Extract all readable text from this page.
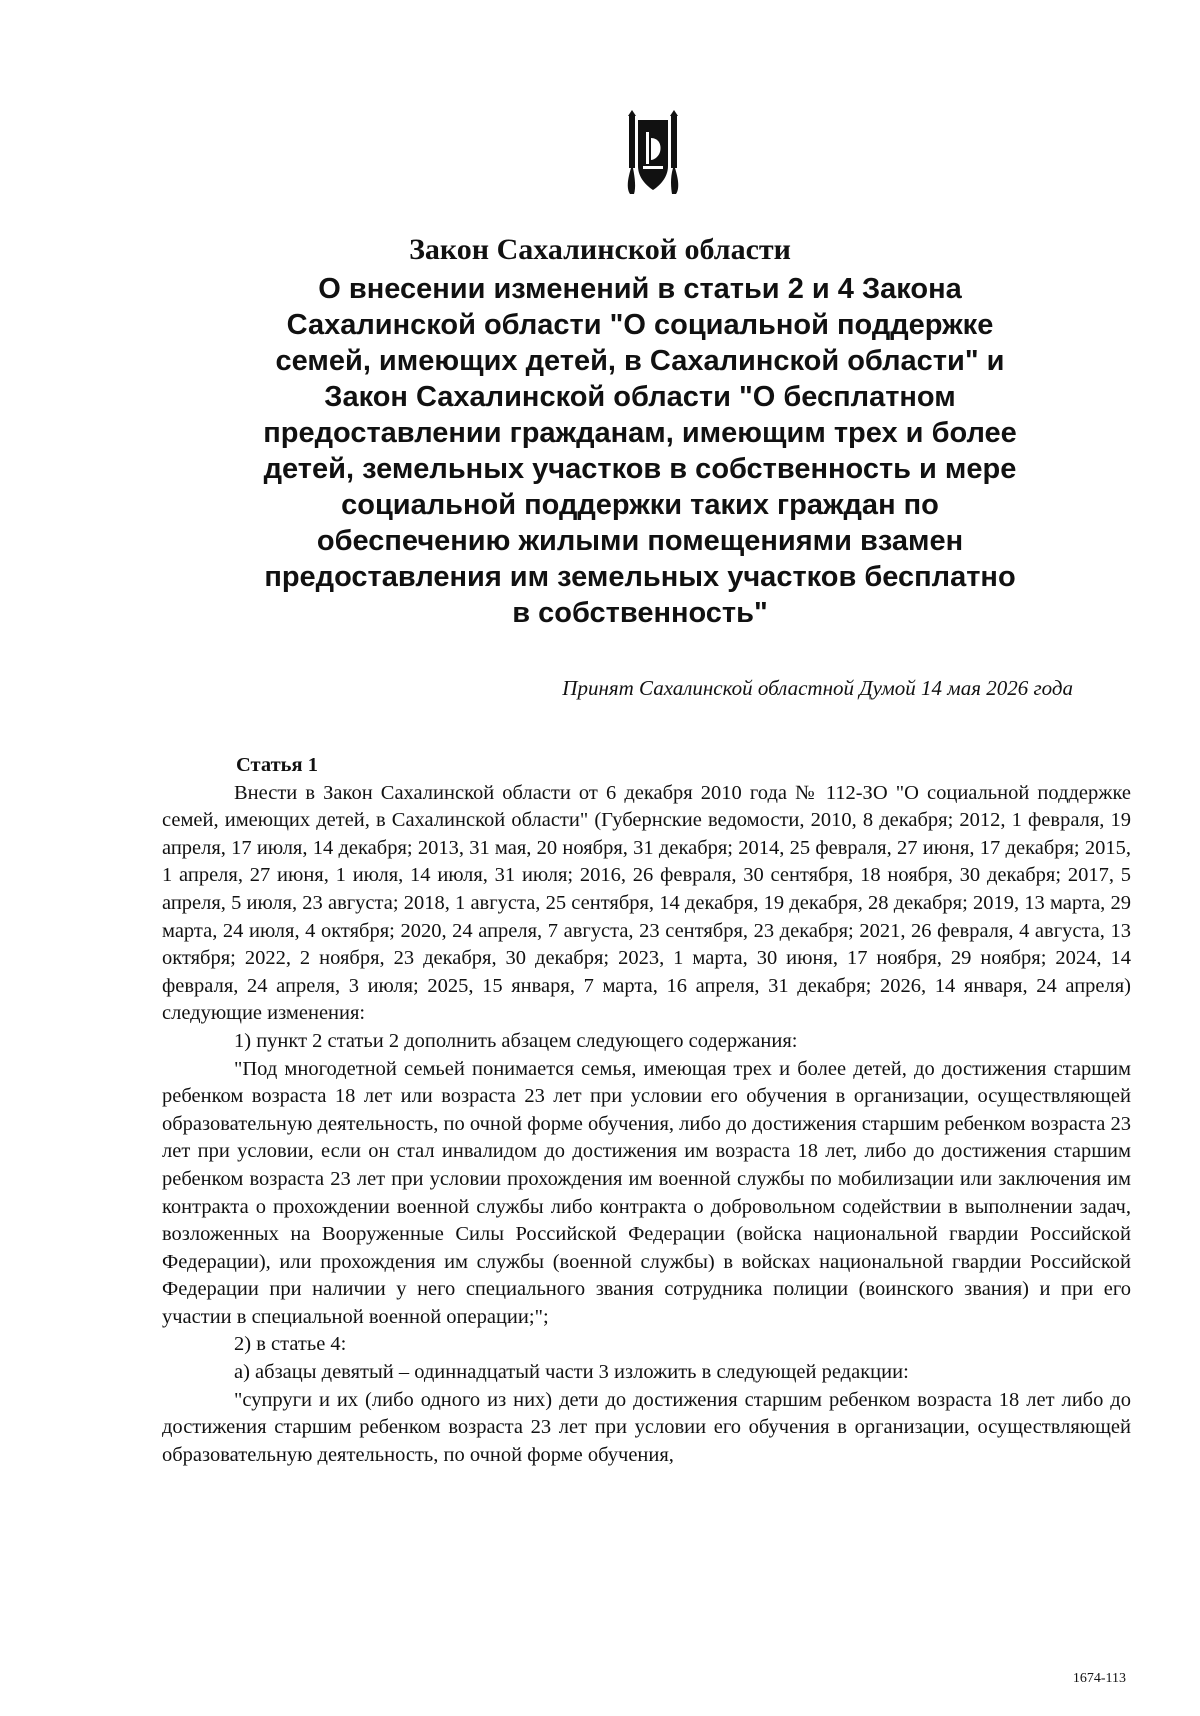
Закон Сахалинской области
О внесении изменений в статьи 2 и 4 Закона
Сахалинской области "О социальной поддержке
семей, имеющих детей, в Сахалинской области" и
Закон Сахалинской области "О бесплатном
предоставлении гражданам, имеющим трех и более
детей, земельных участков в собственность и мере
социальной поддержки таких граждан по
обеспечению жилыми помещениями взамен
предоставления им земельных участков бесплатно
в собственность"
Принят Сахалинской областной Думой 14 мая 2026 года

Статья 1

Внести в Закон Сахалинской области от 6 декабря 2010 года № 112-ЗО "О социальной поддержке семей, имеющих детей, в Сахалинской области" (Губернские ведомости, 2010, 8 декабря; 2012, 1 февраля, 19 апреля, 17 июля, 14 декабря; 2013, 31 мая, 20 ноября, 31 декабря; 2014, 25 февраля, 27 июня, 17 декабря; 2015, 1 апреля, 27 июня, 1 июля, 14 июля, 31 июля; 2016, 26 февраля, 30 сентября, 18 ноября, 30 декабря; 2017, 5 апреля, 5 июля, 23 августа; 2018, 1 августа, 25 сентября, 14 декабря, 19 декабря, 28 декабря; 2019, 13 марта, 29 марта, 24 июля, 4 октября; 2020, 24 апреля, 7 августа, 23 сентября, 23 декабря; 2021, 26 февраля, 4 августа, 13 октября; 2022, 2 ноября, 23 декабря, 30 декабря; 2023, 1 марта, 30 июня, 17 ноября, 29 ноября; 2024, 14 февраля, 24 апреля, 3 июля; 2025, 15 января, 7 марта, 16 апреля, 31 декабря; 2026, 14 января, 24 апреля) следующие изменения:

1) пункт 2 статьи 2 дополнить абзацем следующего содержания:

"Под многодетной семьей понимается семья, имеющая трех и более детей, до достижения старшим ребенком возраста 18 лет или возраста 23 лет при условии его обучения в организации, осуществляющей образовательную деятельность, по очной форме обучения, либо до достижения старшим ребенком возраста 23 лет при условии, если он стал инвалидом до достижения им возраста 18 лет, либо до достижения старшим ребенком возраста 23 лет при условии прохождения им военной службы по мобилизации или заключения им контракта о прохождении военной службы либо контракта о добровольном содействии в выполнении задач, возложенных на Вооруженные Силы Российской Федерации (войска национальной гвардии Российской Федерации), или прохождения им службы (военной службы) в войсках национальной гвардии Российской Федерации при наличии у него специального звания сотрудника полиции (воинского звания) и при его участии в специальной военной операции;";

2) в статье 4:

а) абзацы девятый – одиннадцатый части 3 изложить в следующей редакции:

"супруги и их (либо одного из них) дети до достижения старшим ребенком возраста 18 лет либо до достижения старшим ребенком возраста 23 лет при условии его обучения в организации, осуществляющей образовательную деятельность, по очной форме обучения,

1674-113
